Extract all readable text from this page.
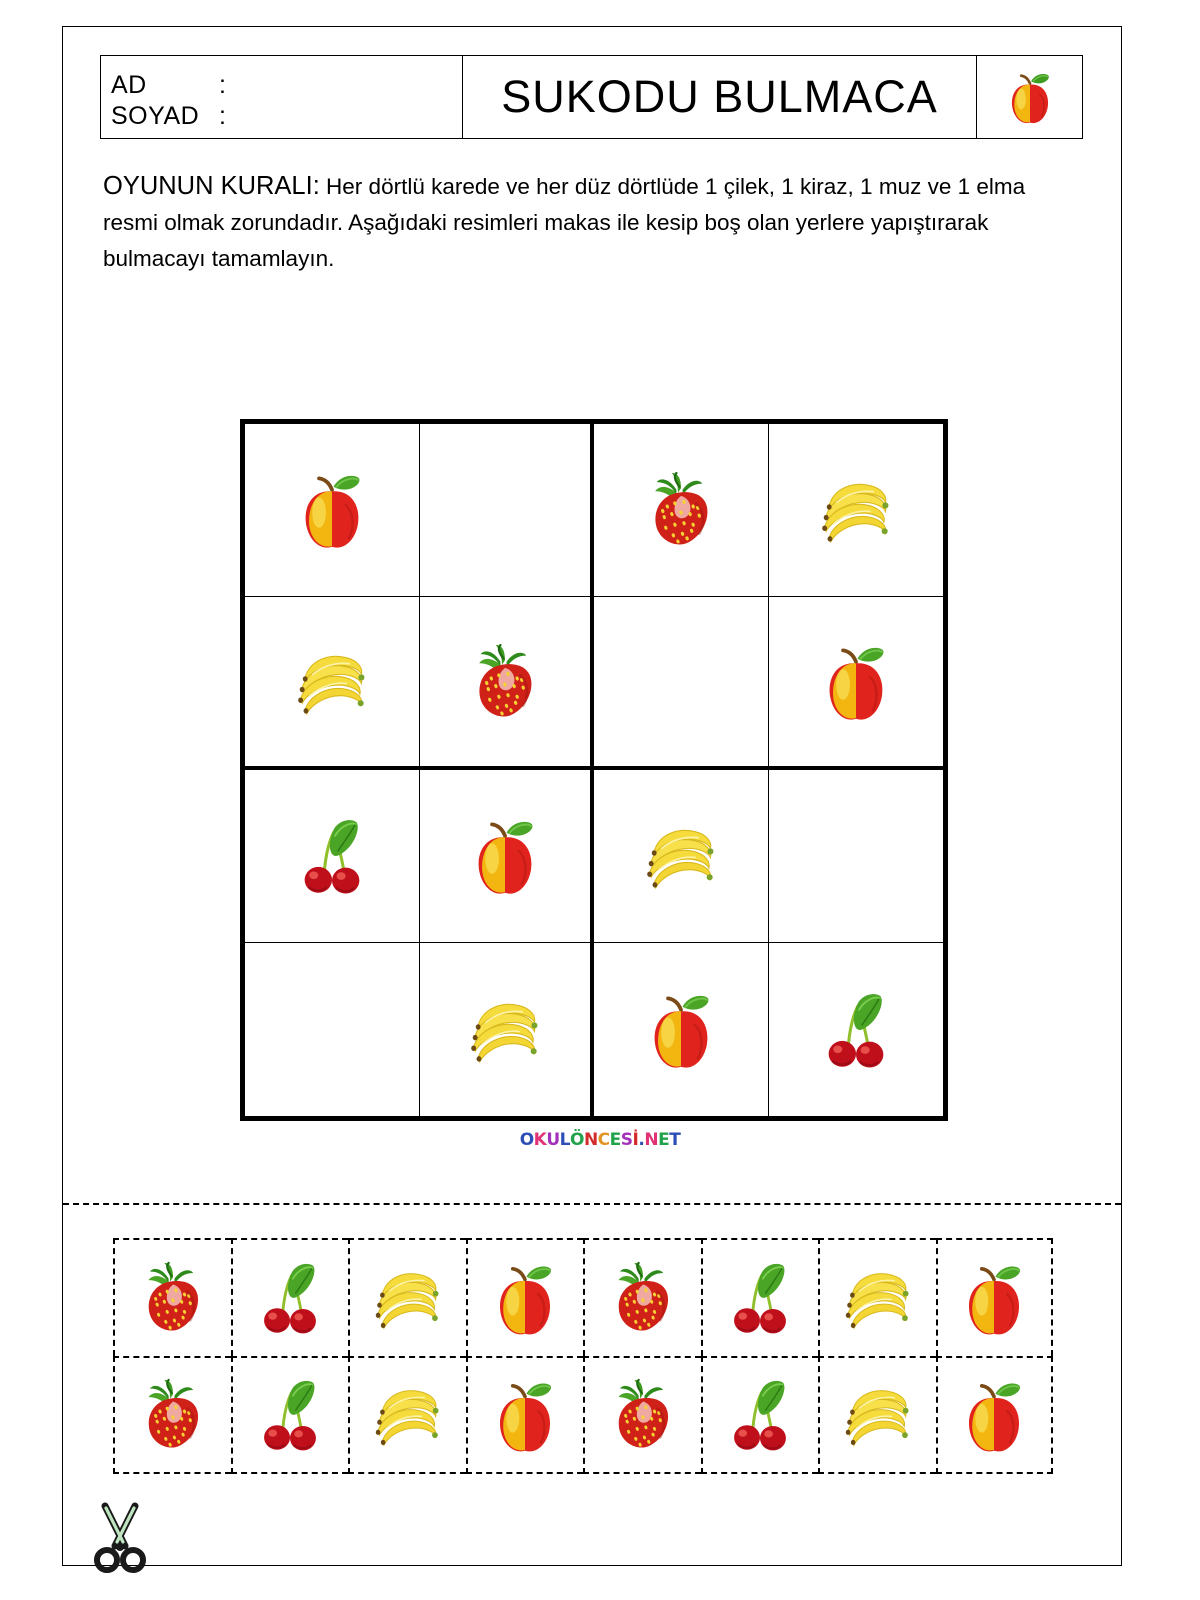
AD	:
SOYAD :	SUKODU BULMACA
OYUNUN KURALI: Her dörtlü karede ve her düz dörtlüde 1 çilek, 1 kiraz, 1 muz ve 1 elma resmi olmak zorundadır. Aşağıdaki resimleri makas ile kesip boş olan yerlere yapıştırarak bulmacayı tamamlayın.
OKULÖNCESİ.NET
